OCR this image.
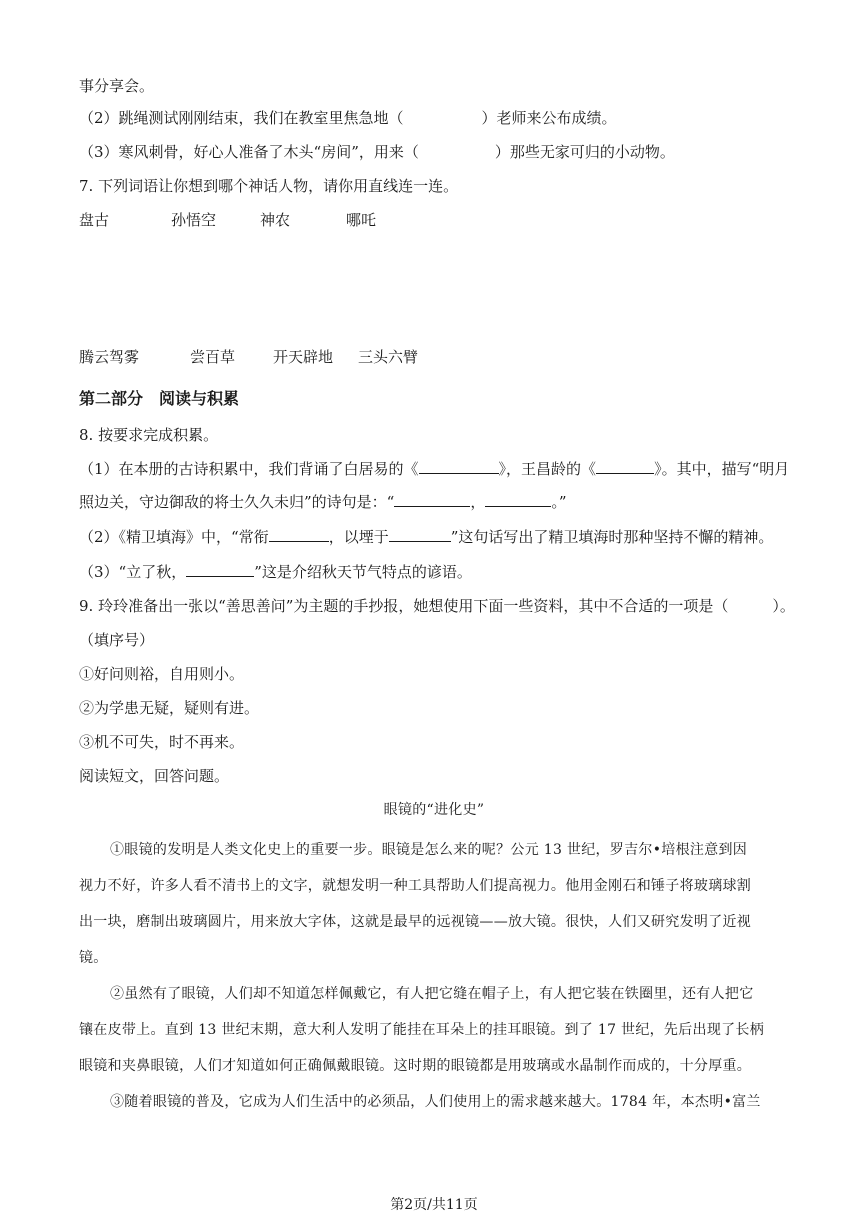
事分享会。
（2）跳绳测试刚刚结束，我们在教室里焦急地（	）老师来公布成绩。
（3）寒风刺骨，好心人准备了木头“房间”，用来（	）那些无家可归的小动物。
7. 下列词语让你想到哪个神话人物，请你用直线连一连。
盘古	孙悟空	神农	哪吒
腾云驾雾	尝百草	开天辟地 三头六臂
第二部分　阅读与积累
8. 按要求完成积累。
（1）在本册的古诗积累中，我们背诵了白居易的《	》，王昌龄的《	》。其中，描写“明月
照边关，守边御敌的将士久久未归”的诗句是：“	，	。”
（2）《精卫填海》中，“常衔	，以堙于	”这句话写出了精卫填海时那种坚持不懈的精神。
（3）“立了秋，	”这是介绍秋天节气特点的谚语。
9. 玲玲准备出一张以“善思善问”为主题的手抄报，她想使用下面一些资料，其中不合适的一项是（	）。
（填序号）
①好问则裕，自用则小。
②为学患无疑，疑则有进。
③机不可失，时不再来。
阅读短文，回答问题。
眼镜的“进化史”
①眼镜的发明是人类文化史上的重要一步。眼镜是怎么来的呢？公元 13 世纪，罗吉尔•培根注意到因
视力不好，许多人看不清书上的文字，就想发明一种工具帮助人们提高视力。他用金刚石和锤子将玻璃球割
出一块，磨制出玻璃圆片，用来放大字体，这就是最早的远视镜——放大镜。很快，人们又研究发明了近视
镜。
②虽然有了眼镜，人们却不知道怎样佩戴它，有人把它缝在帽子上，有人把它装在铁圈里，还有人把它
镶在皮带上。直到 13 世纪末期，意大利人发明了能挂在耳朵上的挂耳眼镜。到了 17 世纪，先后出现了长柄
眼镜和夹鼻眼镜，人们才知道如何正确佩戴眼镜。这时期的眼镜都是用玻璃或水晶制作而成的，十分厚重。
③随着眼镜的普及，它成为人们生活中的必须品，人们使用上的需求越来越大。1784 年，本杰明•富兰
第2页/共11页
